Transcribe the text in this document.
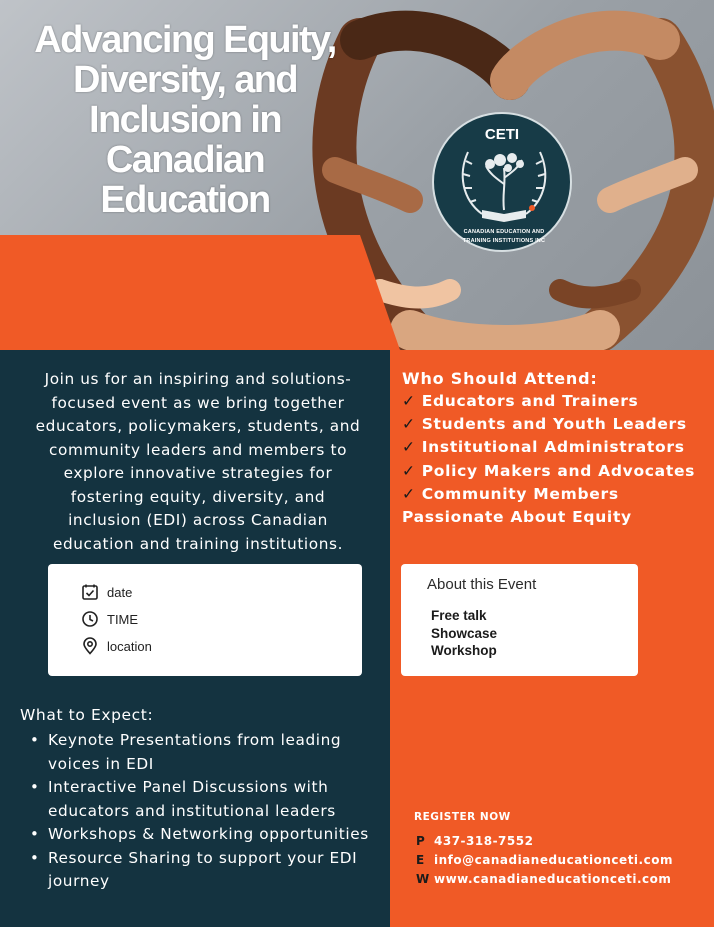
Advancing Equity,
Diversity, and
Inclusion in
Canadian
Education
CETI
CANADIAN EDUCATION AND
TRAINING INSTITUTIONS INC
Join us for an inspiring and solutions-
focused event as we bring together
educators, policymakers, students, and
community leaders and members to
explore innovative strategies for
fostering equity, diversity, and
inclusion (EDI) across Canadian
education and training institutions.
date
TIME
location
What to Expect:
• Keynote Presentations from leading voices in EDI
• Interactive Panel Discussions with educators and institutional leaders
• Workshops & Networking opportunities
• Resource Sharing to support your EDI journey
Who Should Attend:
✓ Educators and Trainers
✓ Students and Youth Leaders
✓ Institutional Administrators
✓ Policy Makers and Advocates
✓ Community Members Passionate About Equity
About this Event
Free talk
Showcase
Workshop
REGISTER NOW
P 437-318-7552
E info@canadianeducationceti.com
W www.canadianeducationceti.com
